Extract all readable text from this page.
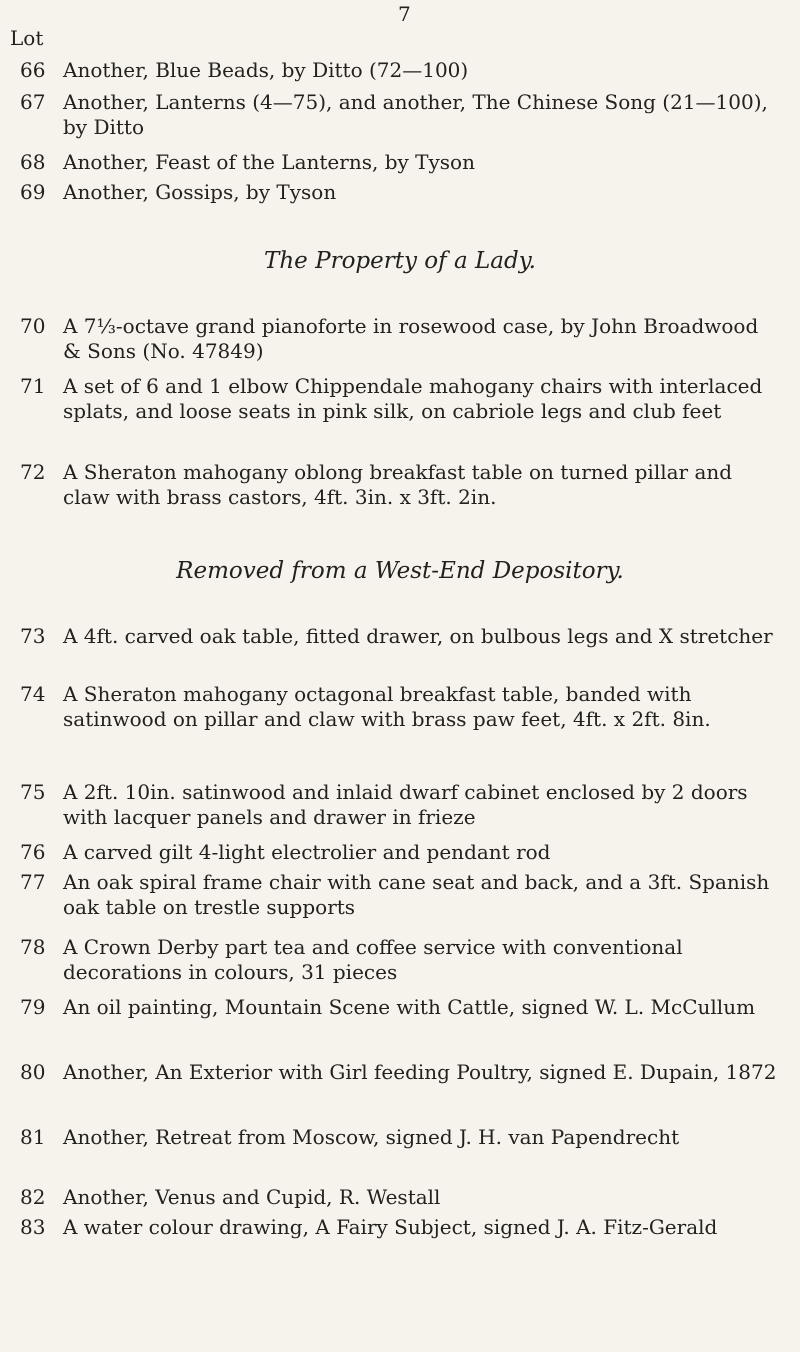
7
Lot
66 Another, Blue Beads, by Ditto (72—100)
67 Another, Lanterns (4—75), and another, The Chinese Song (21—100), by Ditto
68 Another, Feast of the Lanterns, by Tyson
69 Another, Gossips, by Tyson
The Property of a Lady.
70 A 7⅓-octave grand pianoforte in rosewood case, by John Broadwood & Sons (No. 47849)
71 A set of 6 and 1 elbow Chippendale mahogany chairs with interlaced splats, and loose seats in pink silk, on cabriole legs and club feet
72 A Sheraton mahogany oblong breakfast table on turned pillar and claw with brass castors, 4ft. 3in. x 3ft. 2in.
Removed from a West-End Depository.
73 A 4ft. carved oak table, fitted drawer, on bulbous legs and X stretcher
74 A Sheraton mahogany octagonal breakfast table, banded with satinwood on pillar and claw with brass paw feet, 4ft. x 2ft. 8in.
75 A 2ft. 10in. satinwood and inlaid dwarf cabinet enclosed by 2 doors with lacquer panels and drawer in frieze
76 A carved gilt 4-light electrolier and pendant rod
77 An oak spiral frame chair with cane seat and back, and a 3ft. Spanish oak table on trestle supports
78 A Crown Derby part tea and coffee service with conventional decorations in colours, 31 pieces
79 An oil painting, Mountain Scene with Cattle, signed W. L. McCullum
80 Another, An Exterior with Girl feeding Poultry, signed E. Dupain, 1872
81 Another, Retreat from Moscow, signed J. H. van Papendrecht
82 Another, Venus and Cupid, R. Westall
83 A water colour drawing, A Fairy Subject, signed J. A. Fitz-Gerald
